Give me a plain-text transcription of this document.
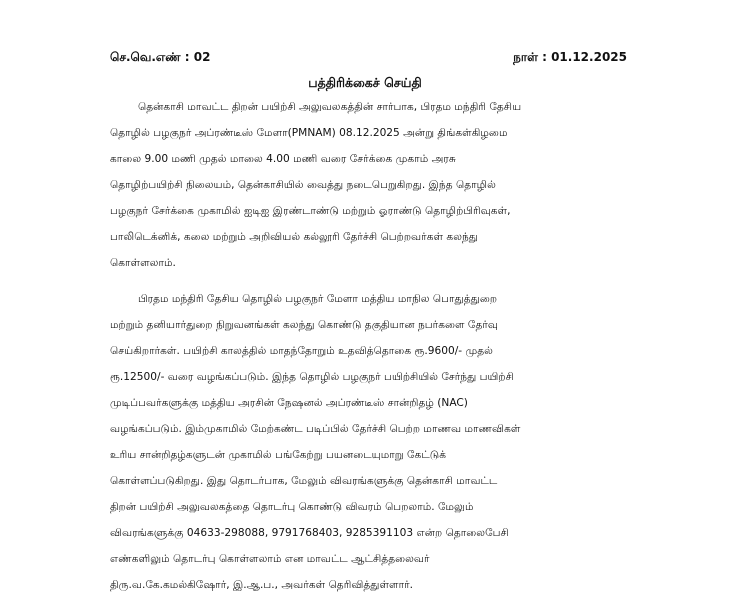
செ.வெ.எண் : 02	நாள் : 01.12.2025
பத்திரிக்கைச் செய்தி
தென்காசி மாவட்ட திறன் பயிற்சி அலுவலகத்தின் சார்பாக, பிரதம மந்திரி தேசிய
தொழில் பழகுநர் அப்ரண்டீஸ் மேளா(PMNAM) 08.12.2025 அன்று திங்கள்கிழமை
காலை 9.00 மணி முதல் மாலை 4.00 மணி வரை சேர்க்கை முகாம் அரசு
தொழிற்பயிற்சி நிலையம், தென்காசியில் வைத்து நடைபெறுகிறது. இந்த தொழில்
பழகுநர் சேர்க்கை முகாமில் ஐடிஐ இரண்டாண்டு மற்றும் ஓராண்டு தொழிற்பிரிவுகள்,
பாலிடெக்னிக், கலை மற்றும் அறிவியல் கல்லூரி தேர்ச்சி பெற்றவர்கள் கலந்து
கொள்ளலாம்.
பிரதம மந்திரி தேசிய தொழில் பழகுநர் மேளா மத்திய மாநில பொதுத்துறை
மற்றும் தனியார்துறை நிறுவனங்கள் கலந்து கொண்டு தகுதியான நபர்களை தேர்வு
செய்கிறார்கள். பயிற்சி காலத்தில் மாதந்தோறும் உதவித்தொகை ரூ.9600/- முதல்
ரூ.12500/- வரை வழங்கப்படும். இந்த தொழில் பழகுநர் பயிற்சியில் சேர்ந்து பயிற்சி
முடிப்பவர்களுக்கு மத்திய அரசின் நேஷனல் அப்ரண்டீஸ் சான்றிதழ் (NAC)
வழங்கப்படும். இம்முகாமில் மேற்கண்ட படிப்பில் தேர்ச்சி பெற்ற மாணவ மாணவிகள்
உரிய சான்றிதழ்களுடன் முகாமில் பங்கேற்று பயனடையுமாறு கேட்டுக்
கொள்ளப்படுகிறது. இது தொடர்பாக, மேலும் விவரங்களுக்கு தென்காசி மாவட்ட
திறன் பயிற்சி அலுவலகத்தை தொடர்பு கொண்டு விவரம் பெறலாம். மேலும்
விவரங்களுக்கு 04633-298088, 9791768403, 9285391103 என்ற தொலைபேசி
எண்களிலும் தொடர்பு கொள்ளலாம் என மாவட்ட ஆட்சித்தலைவர்
திரு.வ.கே.கமல்கிஷோர், இ.ஆ.ப., அவர்கள் தெரிவித்துள்ளார்.
